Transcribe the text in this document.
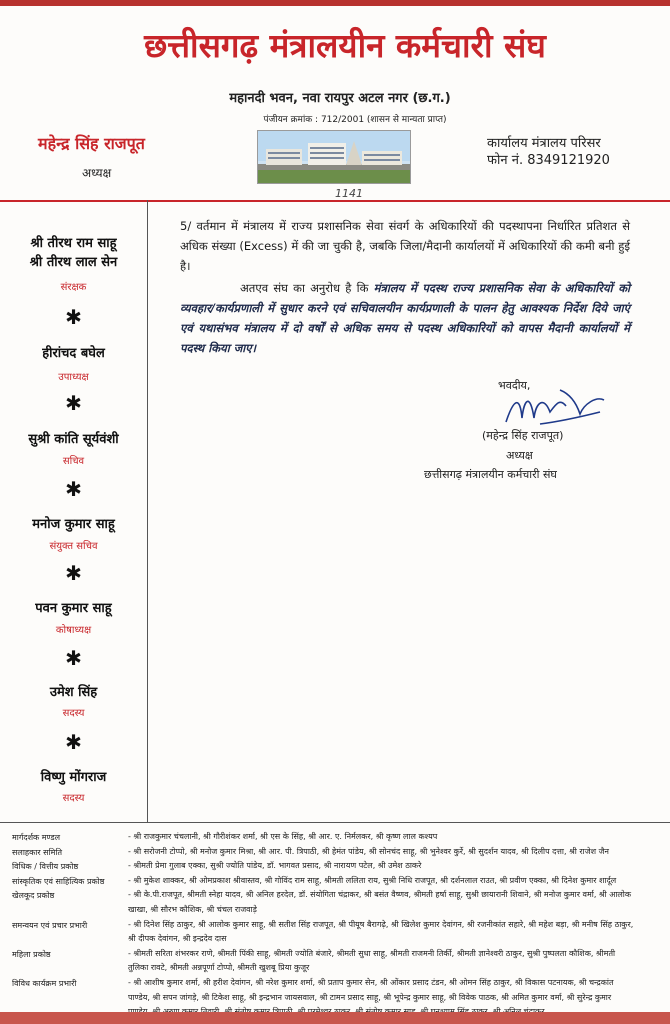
छत्तीसगढ़ मंत्रालयीन कर्मचारी संघ
महानदी भवन, नवा रायपुर अटल नगर (छ.ग.)
पंजीयन क्रमांक : 712/2001 (शासन से मान्यता प्राप्त)
महेन्द्र सिंह राजपूत
अध्यक्ष
कार्यालय मंत्रालय परिसर
फोन नं. 8349121920
1141
श्री तीरथ राम साहू
श्री तीरथ लाल सेन
संरक्षक
✱
हीरांचद बघेल
उपाध्यक्ष
✱
सुश्री कांति सूर्यवंशी
सचिव
✱
मनोज कुमार साहू
संयुक्त सचिव
✱
पवन कुमार साहू
कोषाध्यक्ष
✱
उमेश सिंह
सदस्य
✱
विष्णु मोंगराज
सदस्य
5/ वर्तमान में मंत्रालय में राज्य प्रशासनिक सेवा संवर्ग के अधिकारियों की पदस्थापना निर्धारित प्रतिशत से अधिक संख्या (Excess) में की जा चुकी है, जबकि जिला/मैदानी कार्यालयों में अधिकारियों की कमी बनी हुई है।
अतएव संघ का अनुरोध है कि मंत्रालय में पदस्थ राज्य प्रशासनिक सेवा के अधिकारियों को व्यवहार/कार्यप्रणाली में सुधार करने एवं सचिवालयीन कार्यप्रणाली के पालन हेतु आवश्यक निर्देश दिये जाएं एवं यथासंभव मंत्रालय में दो वर्षों से अधिक समय से पदस्थ अधिकारियों को वापस मैदानी कार्यालयों में पदस्थ किया जाए।
भवदीय,
(महेन्द्र सिंह राजपूत)
अध्यक्ष
छत्तीसगढ़ मंत्रालयीन कर्मचारी संघ
मार्गदर्शक मण्डल
सलाहकार समिति
विधिक / वित्तीय प्रकोष्ठ
सांस्कृतिक एवं साहित्यिक प्रकोष्ठ
खेलकूद प्रकोष्ठ
समन्वयन एवं प्रचार प्रभारी
महिला प्रकोष्ठ
विविध कार्यक्रम प्रभारी
- श्री राजकुमार चंचलानी, श्री गौरीशंकर शर्मा, श्री एस के सिंह, श्री आर. ए. निर्मलकर, श्री कृष्ण लाल कश्यप
- श्री सरोजनी टोप्पो, श्री मनोज कुमार मिश्रा, श्री आर. पी. त्रिपाठी, श्री हेमंत पांडेय, श्री सोनचंद साहू, श्री भुनेश्वर कुर्रे, श्री सुदर्शन यादव, श्री दिलीप दत्ता, श्री राजेश जैन
- श्रीमती प्रेमा गुलाब एक्का, सुश्री ज्योति पांडेय, डॉ. भागवत प्रसाद, श्री नारायण पटेल, श्री उमेश ठाकरे
- श्री मुकेश शाक्कर, श्री ओमप्रकाश श्रीवास्तव, श्री गोविंद राम साहू, श्रीमती ललिता राय, सुश्री निधि राजपूत, श्री दर्शनलाल राउत, श्री प्रवीण एक्का, श्री दिनेश कुमार शार्दूल
- श्री के.पी.राजपूत, श्रीमती स्नेहा यादव, श्री अनिल हरदेल, डॉ. संयोगिता चंद्राकर, श्री बसंत वैष्णव, श्रीमती हर्षा साहू, सुश्री छायारानी शिवाने, श्री मनोज कुमार वर्मा, श्री आलोक
खाखा, श्री सौरभ कौशिक, श्री चंचल राजवाड़े
- श्री दिनेश सिंह ठाकुर, श्री आलोक कुमार साहू, श्री सतीश सिंह राजपूत, श्री पीयूष बैरागढ़े, श्री खिलेश कुमार देवांगन, श्री रजनीकांत सहारे, श्री महेश बड़ा, श्री मनीष सिंह ठाकुर,
श्री दीपक देवांगन, श्री इन्द्रदेव दास
- श्रीमती सरिता शंभरकर राणे, श्रीमती पिंकी साहू, श्रीमती ज्योति बंजारे, श्रीमती सुधा साहू, श्रीमती राजमनी तिर्की, श्रीमती ज्ञानेश्वरी ठाकुर, सुश्री पुष्पलता कौशिक, श्रीमती
तुलिका रावटे, श्रीमती अन्नपूर्णा टोप्पो, श्रीमती खुशबू प्रिया कुजूर
- श्री आशीष कुमार शर्मा, श्री हरीश देवांगन, श्री नरेश कुमार शर्मा, श्री प्रताप कुमार सेन, श्री ओंकार प्रसाद टंडन, श्री ओमन सिंह ठाकुर, श्री विकास पटनायक, श्री चन्द्रकांत
पाण्डेय, श्री सपन जांगड़े, श्री टिकेश साहू, श्री इन्द्रभान जायसवाल, श्री टामन प्रसाद साहू, श्री भूपेन्द्र कुमार साहू, श्री विवेक पाठक, श्री अमित कुमार वर्मा, श्री सुरेन्द्र कुमार
